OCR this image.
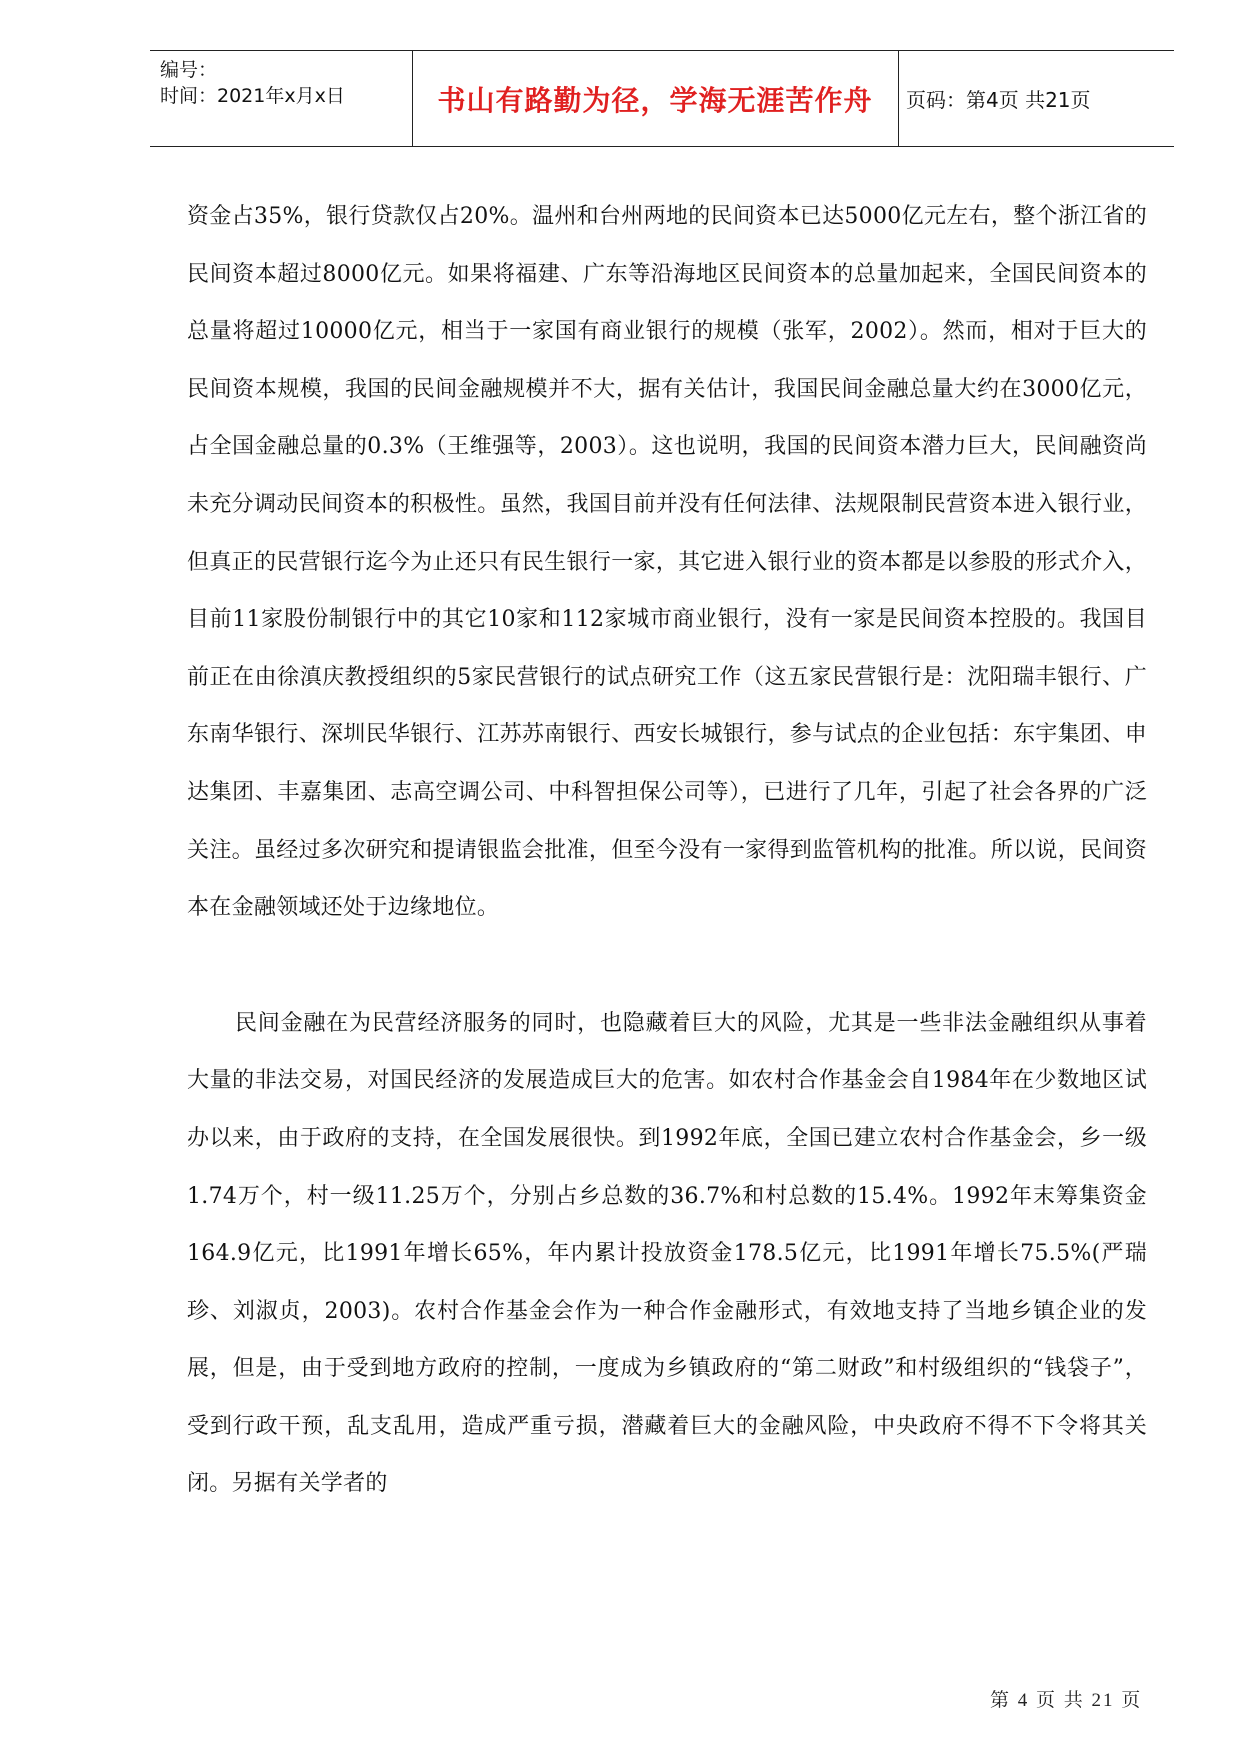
编号：
时间：2021年x月x日	书山有路勤为径，学海无涯苦作舟	页码：第4页 共21页

资金占35%，银行贷款仅占20%。温州和台州两地的民间资本已达5000亿元左右，整个浙江省的民间资本超过8000亿元。如果将福建、广东等沿海地区民间资本的总量加起来，全国民间资本的总量将超过10000亿元，相当于一家国有商业银行的规模（张军，2002）。然而，相对于巨大的民间资本规模，我国的民间金融规模并不大，据有关估计，我国民间金融总量大约在3000亿元，占全国金融总量的0.3%（王维强等，2003）。这也说明，我国的民间资本潜力巨大，民间融资尚未充分调动民间资本的积极性。虽然，我国目前并没有任何法律、法规限制民营资本进入银行业，但真正的民营银行迄今为止还只有民生银行一家，其它进入银行业的资本都是以参股的形式介入，目前11家股份制银行中的其它10家和112家城市商业银行，没有一家是民间资本控股的。我国目前正在由徐滇庆教授组织的5家民营银行的试点研究工作（这五家民营银行是：沈阳瑞丰银行、广东南华银行、深圳民华银行、江苏苏南银行、西安长城银行，参与试点的企业包括：东宇集团、申达集团、丰嘉集团、志高空调公司、中科智担保公司等），已进行了几年，引起了社会各界的广泛关注。虽经过多次研究和提请银监会批准，但至今没有一家得到监管机构的批准。所以说，民间资本在金融领域还处于边缘地位。

民间金融在为民营经济服务的同时，也隐藏着巨大的风险，尤其是一些非法金融组织从事着大量的非法交易，对国民经济的发展造成巨大的危害。如农村合作基金会自1984年在少数地区试办以来，由于政府的支持，在全国发展很快。到1992年底，全国已建立农村合作基金会，乡一级1.74万个，村一级11.25万个，分别占乡总数的36.7%和村总数的15.4%。1992年末筹集资金164.9亿元，比1991年增长65%，年内累计投放资金178.5亿元，比1991年增长75.5%(严瑞珍、刘淑贞，2003)。农村合作基金会作为一种合作金融形式，有效地支持了当地乡镇企业的发展，但是，由于受到地方政府的控制，一度成为乡镇政府的“第二财政”和村级组织的“钱袋子”，受到行政干预，乱支乱用，造成严重亏损，潜藏着巨大的金融风险，中央政府不得不下令将其关闭。另据有关学者的

第 4 页 共 21 页
